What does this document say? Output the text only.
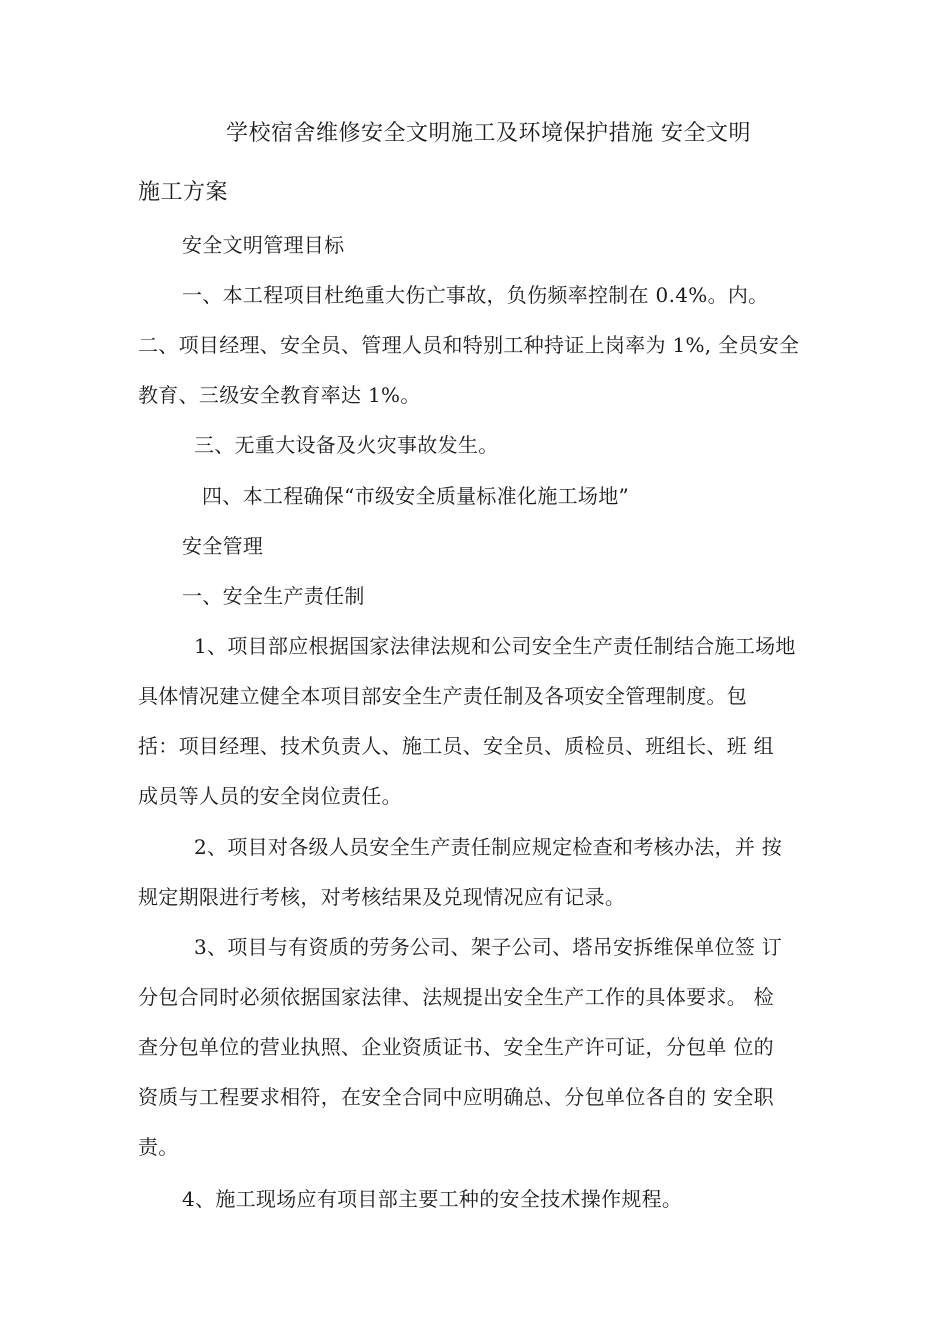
学校宿舍维修安全文明施工及环境保护措施 安全文明
施工方案
安全文明管理目标
一、本工程项目杜绝重大伤亡事故，负伤频率控制在 0.4%。内。
二、项目经理、安全员、管理人员和特别工种持证上岗率为 1%, 全员安全
教育、三级安全教育率达 1%。
三、无重大设备及火灾事故发生。
四、本工程确保“市级安全质量标准化施工场地”
安全管理
一、安全生产责任制
1、项目部应根据国家法律法规和公司安全生产责任制结合施工场地
具体情况建立健全本项目部安全生产责任制及各项安全管理制度。包
括：项目经理、技术负责人、施工员、安全员、质检员、班组长、班 组
成员等人员的安全岗位责任。
2、项目对各级人员安全生产责任制应规定检查和考核办法，并 按
规定期限进行考核，对考核结果及兑现情况应有记录。
3、项目与有资质的劳务公司、架子公司、塔吊安拆维保单位签 订
分包合同时必须依据国家法律、法规提出安全生产工作的具体要求。 检
查分包单位的营业执照、企业资质证书、安全生产许可证，分包单 位的
资质与工程要求相符，在安全合同中应明确总、分包单位各自的 安全职
责。
4、施工现场应有项目部主要工种的安全技术操作规程。
